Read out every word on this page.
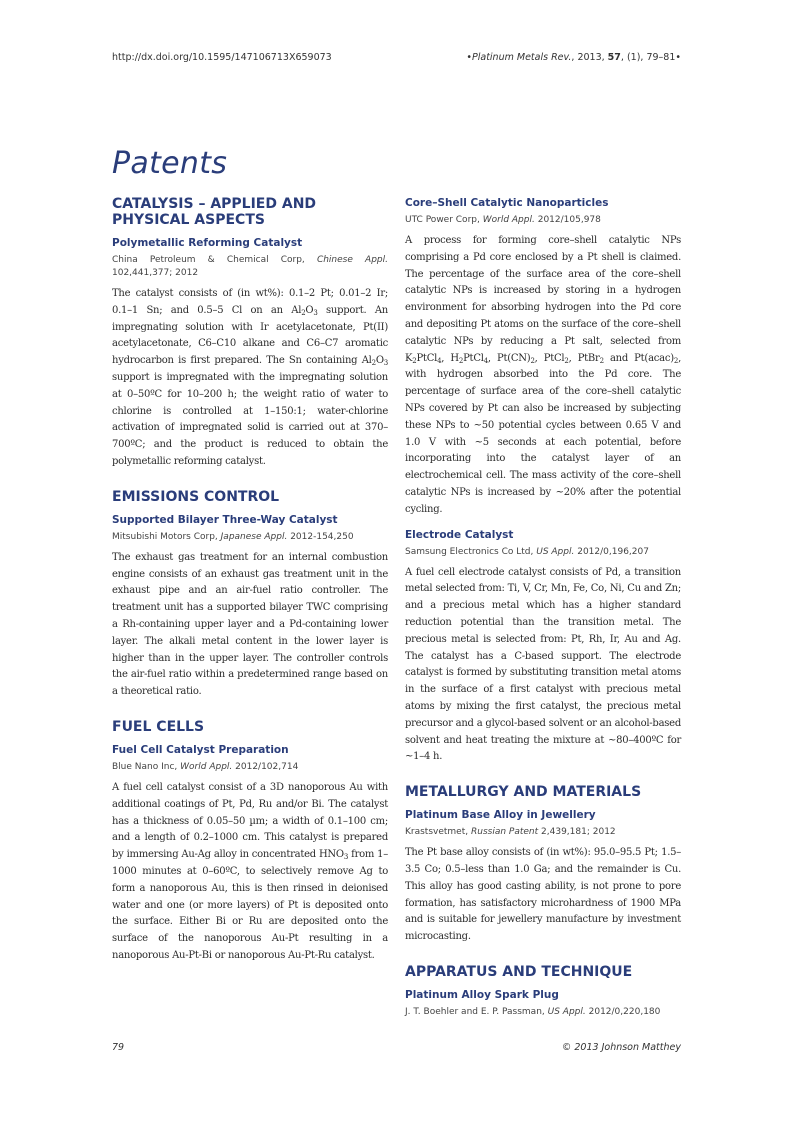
http://dx.doi.org/10.1595/147106713X659073	•Platinum Metals Rev., 2013, 57, (1), 79–81•
Patents
CATALYSIS – APPLIED AND PHYSICAL ASPECTS
Polymetallic Reforming Catalyst

China Petroleum & Chemical Corp, Chinese Appl. 102,441,377; 2012

The catalyst consists of (in wt%): 0.1–2 Pt; 0.01–2 Ir; 0.1–1 Sn; and 0.5–5 Cl on an $Al_2O_3$ support. An impregnating solution with Ir acetylacetonate, Pt(II) acetylacetonate, C6–C10 alkane and C6–C7 aromatic hydrocarbon is first prepared. The Sn containing $Al_2O_3$ support is impregnated with the impregnating solution at 0–50ºC for 10–200 h; the weight ratio of water to chlorine is controlled at 1–150:1; water-chlorine activation of impregnated solid is carried out at 370–700ºC; and the product is reduced to obtain the polymetallic reforming catalyst.

EMISSIONS CONTROL
Supported Bilayer Three-Way Catalyst

Mitsubishi Motors Corp, Japanese Appl. 2012-154,250

The exhaust gas treatment for an internal combustion engine consists of an exhaust gas treatment unit in the exhaust pipe and an air-fuel ratio controller. The treatment unit has a supported bilayer TWC comprising a Rh-containing upper layer and a Pd-containing lower layer. The alkali metal content in the lower layer is higher than in the upper layer. The controller controls the air-fuel ratio within a predetermined range based on a theoretical ratio.

FUEL CELLS
Fuel Cell Catalyst Preparation

Blue Nano Inc, World Appl. 2012/102,714

A fuel cell catalyst consist of a 3D nanoporous Au with additional coatings of Pt, Pd, Ru and/or Bi. The catalyst has a thickness of 0.05–50 µm; a width of 0.1–100 cm; and a length of 0.2–1000 cm. This catalyst is prepared by immersing Au-Ag alloy in concentrated $HNO_3$ from 1–1000 minutes at 0–60ºC, to selectively remove Ag to form a nanoporous Au, this is then rinsed in deionised water and one (or more layers) of Pt is deposited onto the surface. Either Bi or Ru are deposited onto the surface of the nanoporous Au-Pt resulting in a nanoporous Au-Pt-Bi or nanoporous Au-Pt-Ru catalyst.

Core–Shell Catalytic Nanoparticles

UTC Power Corp, World Appl. 2012/105,978

A process for forming core–shell catalytic NPs comprising a Pd core enclosed by a Pt shell is claimed. The percentage of the surface area of the core–shell catalytic NPs is increased by storing in a hydrogen environment for absorbing hydrogen into the Pd core and depositing Pt atoms on the surface of the core–shell catalytic NPs by reducing a Pt salt, selected from $K_2PtCl_4$, $H_2PtCl_4$, $Pt(CN)_2$, PtCl$_2$, PtBr$_2$ and $Pt(acac)_2$, with hydrogen absorbed into the Pd core. The percentage of surface area of the core–shell catalytic NPs covered by Pt can also be increased by subjecting these NPs to ~50 potential cycles between 0.65 V and 1.0 V with ~5 seconds at each potential, before incorporating into the catalyst layer of an electrochemical cell. The mass activity of the core–shell catalytic NPs is increased by ~20% after the potential cycling.

Electrode Catalyst

Samsung Electronics Co Ltd, US Appl. 2012/0,196,207

A fuel cell electrode catalyst consists of Pd, a transition metal selected from: Ti, V, Cr, Mn, Fe, Co, Ni, Cu and Zn; and a precious metal which has a higher standard reduction potential than the transition metal. The precious metal is selected from: Pt, Rh, Ir, Au and Ag. The catalyst has a C-based support. The electrode catalyst is formed by substituting transition metal atoms in the surface of a first catalyst with precious metal atoms by mixing the first catalyst, the precious metal precursor and a glycol-based solvent or an alcohol-based solvent and heat treating the mixture at ~80–400ºC for ~1–4 h.

METALLURGY AND MATERIALS
Platinum Base Alloy in Jewellery

Krastsvetmet, Russian Patent 2,439,181; 2012

The Pt base alloy consists of (in wt%): 95.0–95.5 Pt; 1.5–3.5 Co; 0.5–less than 1.0 Ga; and the remainder is Cu. This alloy has good casting ability, is not prone to pore formation, has satisfactory microhardness of 1900 MPa and is suitable for jewellery manufacture by investment microcasting.

APPARATUS AND TECHNIQUE
Platinum Alloy Spark Plug

J. T. Boehler and E. P. Passman, US Appl. 2012/0,220,180

79	© 2013 Johnson Matthey
